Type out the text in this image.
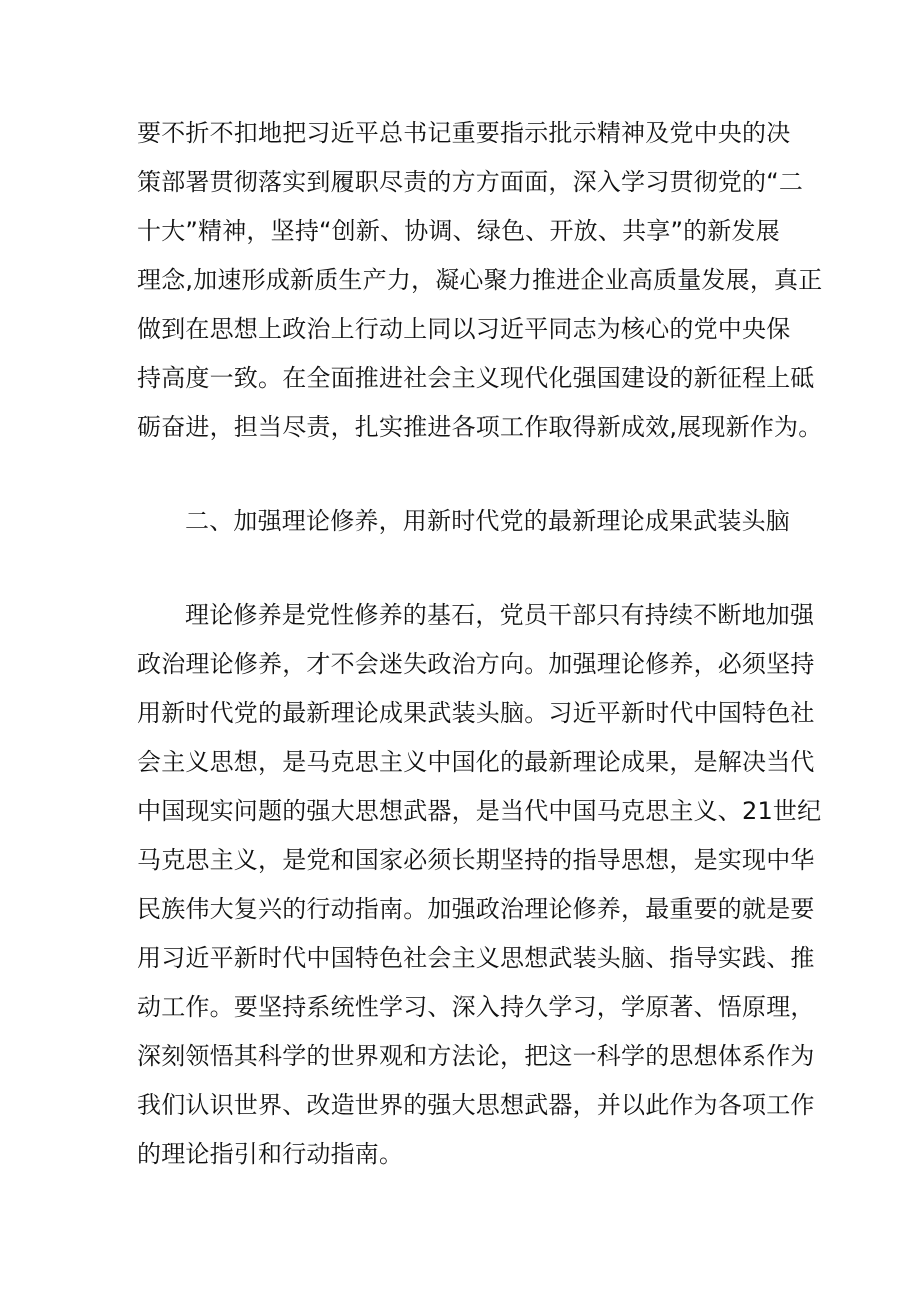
要不折不扣地把习近平总书记重要指示批示精神及党中央的决
策部署贯彻落实到履职尽责的方方面面，深入学习贯彻党的“二
十大”精神，坚持“创新、协调、绿色、开放、共享”的新发展
理念,加速形成新质生产力，凝心聚力推进企业高质量发展，真正
做到在思想上政治上行动上同以习近平同志为核心的党中央保
持高度一致。在全面推进社会主义现代化强国建设的新征程上砥
砺奋进，担当尽责，扎实推进各项工作取得新成效,展现新作为。
二、加强理论修养，用新时代党的最新理论成果武装头脑
理论修养是党性修养的基石，党员干部只有持续不断地加强
政治理论修养，才不会迷失政治方向。加强理论修养，必须坚持
用新时代党的最新理论成果武装头脑。习近平新时代中国特色社
会主义思想，是马克思主义中国化的最新理论成果，是解决当代
中国现实问题的强大思想武器，是当代中国马克思主义、21世纪
马克思主义，是党和国家必须长期坚持的指导思想，是实现中华
民族伟大复兴的行动指南。加强政治理论修养，最重要的就是要
用习近平新时代中国特色社会主义思想武装头脑、指导实践、推
动工作。要坚持系统性学习、深入持久学习，学原著、悟原理，
深刻领悟其科学的世界观和方法论，把这一科学的思想体系作为
我们认识世界、改造世界的强大思想武器，并以此作为各项工作
的理论指引和行动指南。
